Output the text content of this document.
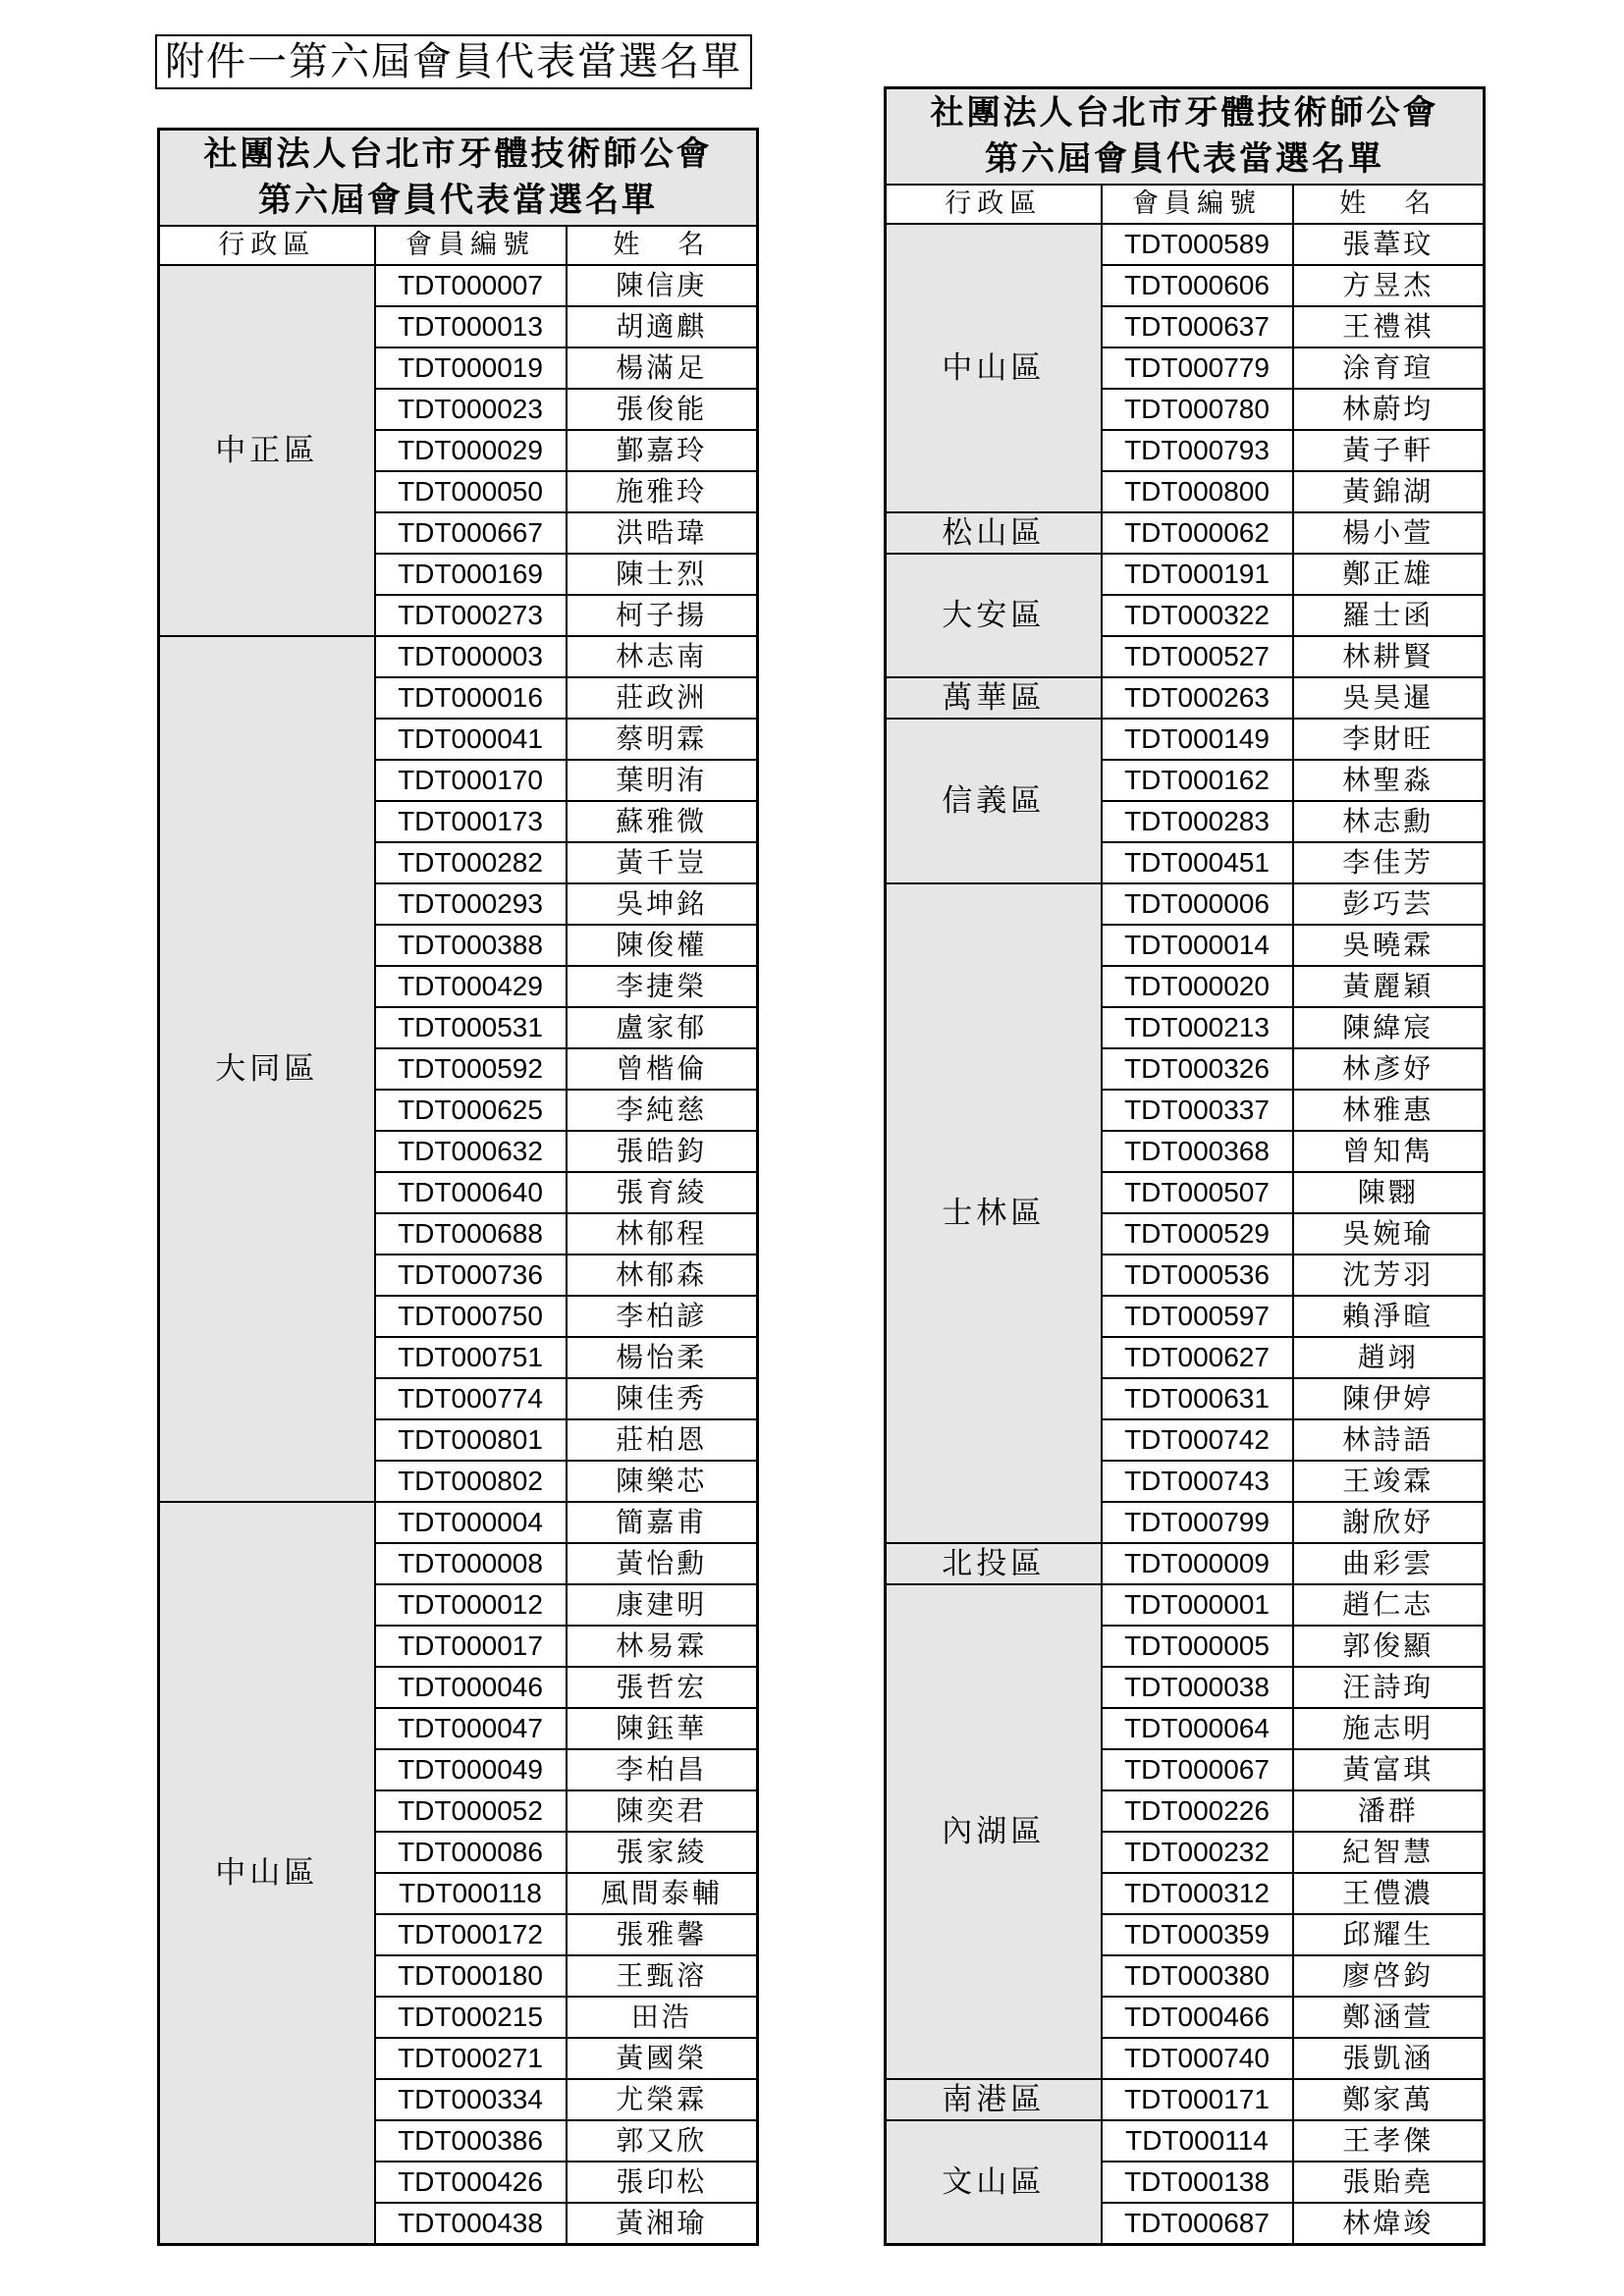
附件一第六屆會員代表當選名單
社團法人台北市牙體技術師公會
第六屆會員代表當選名單		

行政區	會員編號	姓　名
中正區	TDT000007	陳信庚
	TDT000013	胡適麒
	TDT000019	楊滿足
	TDT000023	張俊能
	TDT000029	鄞嘉玲
	TDT000050	施雅玲
	TDT000667	洪晧瑋
	TDT000169	陳士烈
	TDT000273	柯子揚
大同區	TDT000003	林志南
	TDT000016	莊政洲
	TDT000041	蔡明霖
	TDT000170	葉明洧
	TDT000173	蘇雅微
	TDT000282	黃千豈
	TDT000293	吳坤銘
	TDT000388	陳俊權
	TDT000429	李捷榮
	TDT000531	盧家郁
	TDT000592	曾楷倫
	TDT000625	李純慈
	TDT000632	張皓鈞
	TDT000640	張育綾
	TDT000688	林郁程
	TDT000736	林郁森
	TDT000750	李柏諺
	TDT000751	楊怡柔
	TDT000774	陳佳秀
	TDT000801	莊柏恩
	TDT000802	陳樂芯
中山區	TDT000004	簡嘉甫
	TDT000008	黃怡勳
	TDT000012	康建明
	TDT000017	林易霖
	TDT000046	張哲宏
	TDT000047	陳鈺華
	TDT000049	李柏昌
	TDT000052	陳奕君
	TDT000086	張家綾
	TDT000118	風間泰輔
	TDT000172	張雅馨
	TDT000180	王甄溶
	TDT000215	田浩
	TDT000271	黃國榮
	TDT000334	尤榮霖
	TDT000386	郭又欣
	TDT000426	張印松
	TDT000438	黃湘瑜
社團法人台北市牙體技術師公會
第六屆會員代表當選名單		

行政區	會員編號	姓　名
中山區	TDT000589	張葦玟
	TDT000606	方昱杰
	TDT000637	王禮祺
	TDT000779	涂育瑄
	TDT000780	林蔚均
	TDT000793	黃子軒
	TDT000800	黃錦湖
松山區	TDT000062	楊小萱
大安區	TDT000191	鄭正雄
	TDT000322	羅士函
	TDT000527	林耕賢
萬華區	TDT000263	吳昊暹
信義區	TDT000149	李財旺
	TDT000162	林聖淼
	TDT000283	林志勳
	TDT000451	李佳芳
士林區	TDT000006	彭巧芸
	TDT000014	吳曉霖
	TDT000020	黃麗穎
	TDT000213	陳緯宸
	TDT000326	林彥妤
	TDT000337	林雅惠
	TDT000368	曾知雋
	TDT000507	陳翾
	TDT000529	吳婉瑜
	TDT000536	沈芳羽
	TDT000597	賴淨暄
	TDT000627	趙翊
	TDT000631	陳伊婷
	TDT000742	林詩語
	TDT000743	王竣霖
	TDT000799	謝欣妤
北投區	TDT000009	曲彩雲
內湖區	TDT000001	趙仁志
	TDT000005	郭俊顯
	TDT000038	汪詩珣
	TDT000064	施志明
	TDT000067	黃富琪
	TDT000226	潘群
	TDT000232	紀智慧
	TDT000312	王僼濃
	TDT000359	邱耀生
	TDT000380	廖啓鈞
	TDT000466	鄭涵萱
	TDT000740	張凱涵
南港區	TDT000171	鄭家萬
文山區	TDT000114	王孝傑
	TDT000138	張貽堯
	TDT000687	林煒竣
